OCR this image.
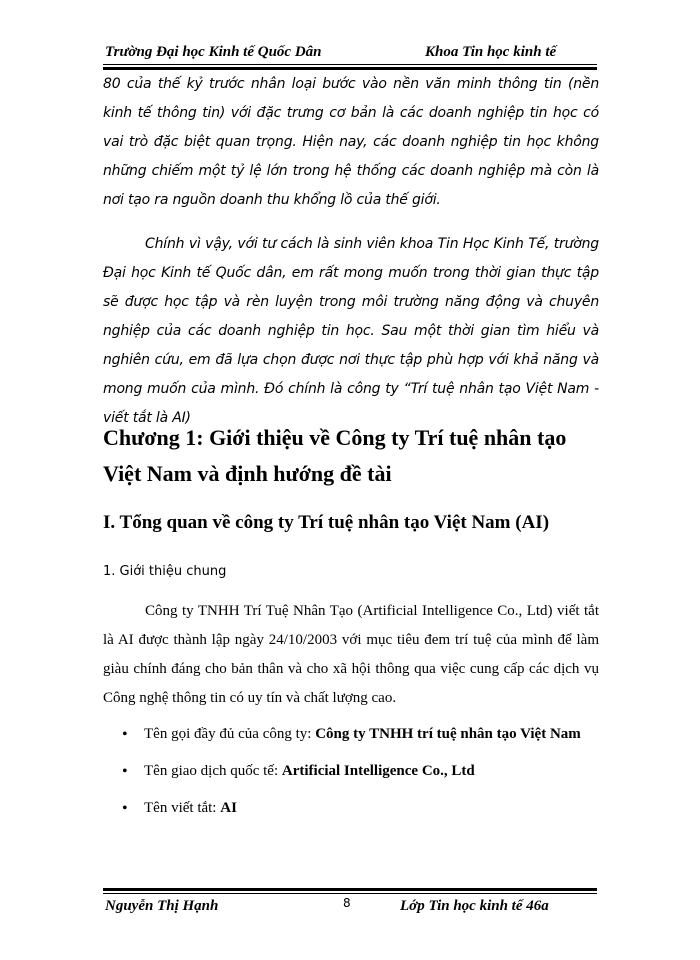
Trường Đại học Kinh tế Quốc Dân	Khoa Tin học kinh tế

80 của thế kỷ trước nhân loại bước vào nền văn minh thông tin (nền kinh tế thông tin) với đặc trưng cơ bản là các doanh nghiệp tin học có vai trò đặc biệt quan trọng. Hiện nay, các doanh nghiệp tin học không những chiếm một tỷ lệ lớn trong hệ thống các doanh nghiệp mà còn là nơi tạo ra nguồn doanh thu khổng lồ của thế giới.

Chính vì vậy, với tư cách là sinh viên khoa Tin Học Kinh Tế, trường Đại học Kinh tế Quốc dân, em rất mong muốn trong thời gian thực tập sẽ được học tập và rèn luyện trong môi trường năng động và chuyên nghiệp của các doanh nghiệp tin học. Sau một thời gian tìm hiểu và nghiên cứu, em đã lựa chọn được nơi thực tập phù hợp với khả năng và mong muốn của mình. Đó chính là công ty “Trí tuệ nhân tạo Việt Nam - viết tắt là AI)

Chương 1: Giới thiệu về Công ty Trí tuệ nhân tạo Việt Nam và định hướng đề tài
I. Tổng quan về công ty Trí tuệ nhân tạo Việt Nam (AI)
1. Giới thiệu chung

Công ty TNHH Trí Tuệ Nhân Tạo (Artificial Intelligence Co., Ltd) viết tắt là AI được thành lập ngày 24/10/2003 với mục tiêu đem trí tuệ của mình để làm giàu chính đáng cho bản thân và cho xã hội thông qua việc cung cấp các dịch vụ Công nghệ thông tin có uy tín và chất lượng cao.

• Tên gọi đầy đủ của công ty: Công ty TNHH trí tuệ nhân tạo Việt Nam
• Tên giao dịch quốc tế: Artificial Intelligence Co., Ltd
• Tên viết tắt: AI
Nguyễn Thị Hạnh	8	Lớp Tin học kinh tế 46a
